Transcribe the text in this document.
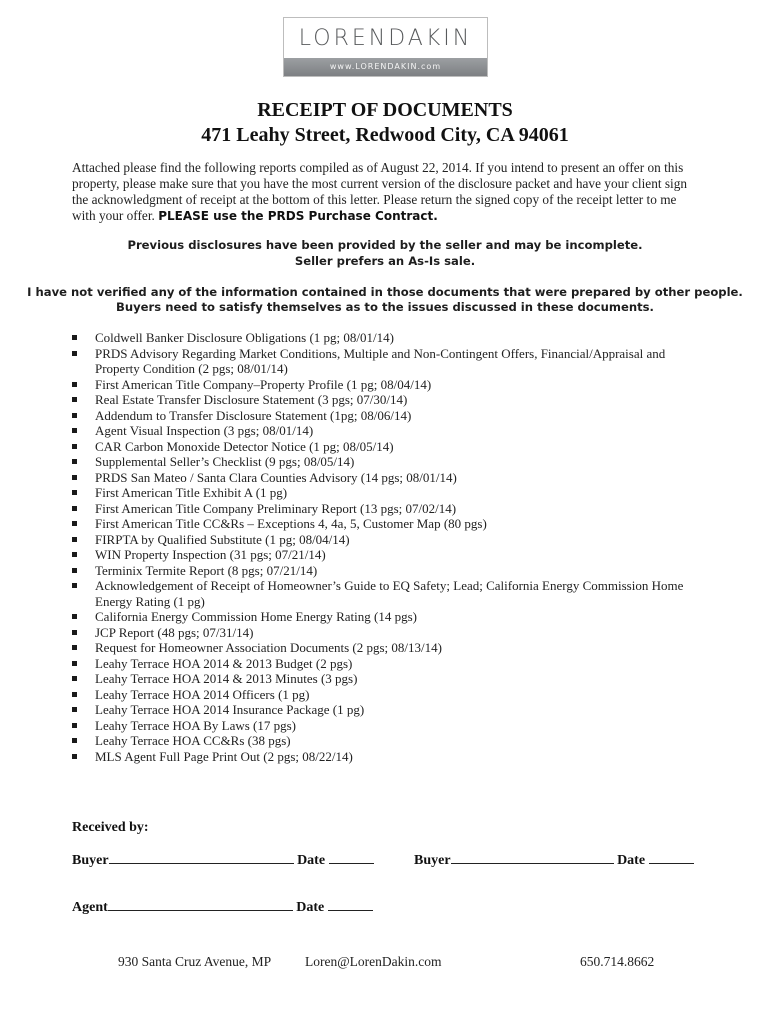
LORENDAKIN
www.LORENDAKIN.com
RECEIPT OF DOCUMENTS
471 Leahy Street, Redwood City, CA 94061
Attached please find the following reports compiled as of August 22, 2014. If you intend to present an offer on this property, please make sure that you have the most current version of the disclosure packet and have your client sign the acknowledgment of receipt at the bottom of this letter. Please return the signed copy of the receipt letter to me with your offer. PLEASE use the PRDS Purchase Contract.
Previous disclosures have been provided by the seller and may be incomplete.
Seller prefers an As-Is sale.
I have not verified any of the information contained in those documents that were prepared by other people.
Buyers need to satisfy themselves as to the issues discussed in these documents.
Coldwell Banker Disclosure Obligations (1 pg; 08/01/14)
PRDS Advisory Regarding Market Conditions, Multiple and Non-Contingent Offers, Financial/Appraisal and Property Condition (2 pgs; 08/01/14)
First American Title Company–Property Profile (1 pg; 08/04/14)
Real Estate Transfer Disclosure Statement (3 pgs; 07/30/14)
Addendum to Transfer Disclosure Statement (1pg; 08/06/14)
Agent Visual Inspection (3 pgs; 08/01/14)
CAR Carbon Monoxide Detector Notice (1 pg; 08/05/14)
Supplemental Seller’s Checklist (9 pgs; 08/05/14)
PRDS San Mateo / Santa Clara Counties Advisory (14 pgs; 08/01/14)
First American Title Exhibit A (1 pg)
First American Title Company Preliminary Report (13 pgs; 07/02/14)
First American Title CC&Rs – Exceptions 4, 4a, 5, Customer Map (80 pgs)
FIRPTA by Qualified Substitute (1 pg; 08/04/14)
WIN Property Inspection (31 pgs; 07/21/14)
Terminix Termite Report (8 pgs; 07/21/14)
Acknowledgement of Receipt of Homeowner’s Guide to EQ Safety; Lead; California Energy Commission Home Energy Rating (1 pg)
California Energy Commission Home Energy Rating (14 pgs)
JCP Report (48 pgs; 07/31/14)
Request for Homeowner Association Documents (2 pgs; 08/13/14)
Leahy Terrace HOA 2014 & 2013 Budget (2 pgs)
Leahy Terrace HOA 2014 & 2013 Minutes (3 pgs)
Leahy Terrace HOA 2014 Officers (1 pg)
Leahy Terrace HOA 2014 Insurance Package (1 pg)
Leahy Terrace HOA By Laws (17 pgs)
Leahy Terrace HOA CC&Rs (38 pgs)
MLS Agent Full Page Print Out (2 pgs; 08/22/14)
Received by:
Buyer	Date	Buyer	Date
Agent	Date
930 Santa Cruz Avenue, MP	Loren@LorenDakin.com	650.714.8662
